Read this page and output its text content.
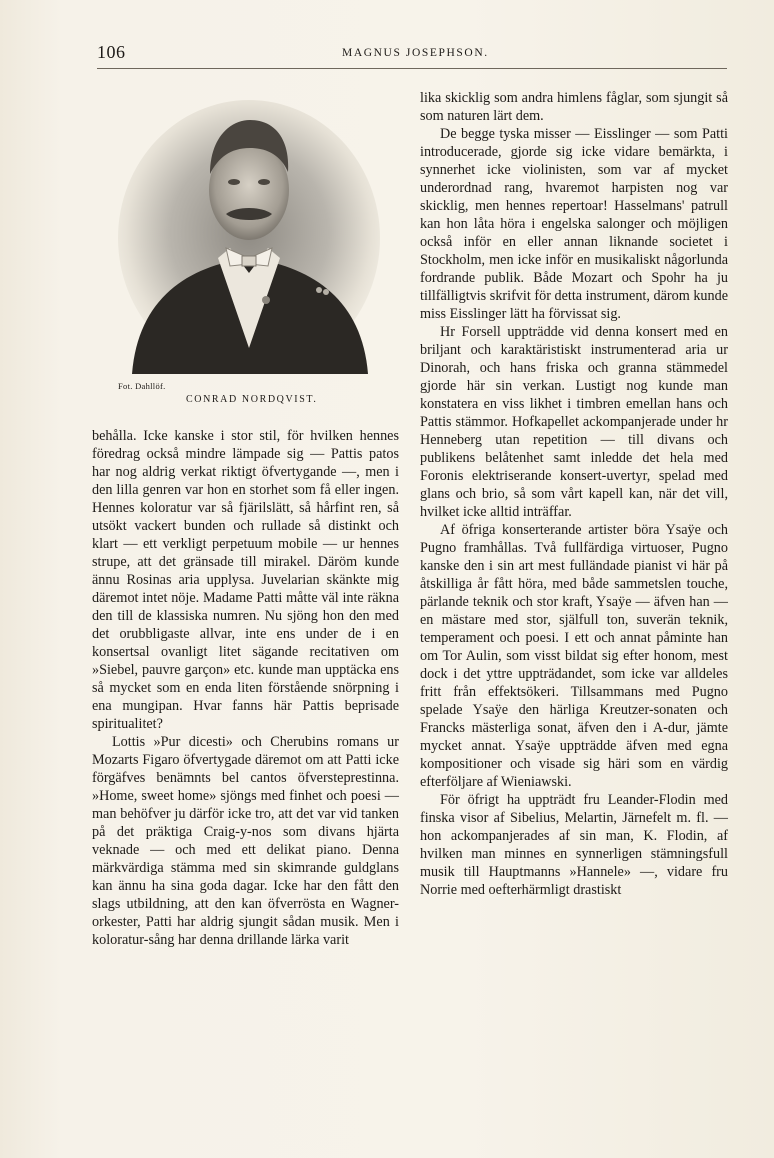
106	MAGNUS JOSEPHSON.
Fot. Dahllöf.
CONRAD NORDQVIST.

behålla. Icke kanske i stor stil, för hvilken hennes föredrag också mindre lämpade sig — Pattis patos har nog aldrig verkat riktigt öfvertygande —, men i den lilla genren var hon en storhet som få eller ingen. Hennes koloratur var så fjärilslätt, så hårfint ren, så utsökt vackert bunden och rullade så distinkt och klart — ett verkligt perpetuum mobile — ur hennes strupe, att det gränsade till mirakel. Däröm kunde ännu Rosinas aria upplysa. Juvelarian skänkte mig däremot intet nöje. Madame Patti måtte väl inte räkna den till de klassiska numren. Nu sjöng hon den med det orubbligaste allvar, inte ens under de i en konsertsal ovanligt litet sägande recitativen om »Siebel, pauvre garçon» etc. kunde man upptäcka ens så mycket som en enda liten förstående snörpning i ena mungipan. Hvar fanns här Pattis beprisade spiritualitet?

Lottis »Pur dicesti» och Cherubins romans ur Mozarts Figaro öfvertygade däremot om att Patti icke förgäfves benämnts bel cantos öfversteprestinna. »Home, sweet home» sjöngs med finhet och poesi — man behöfver ju därför icke tro, att det var vid tanken på det präktiga Craig-y-nos som divans hjärta veknade — och med ett delikat piano. Denna märkvärdiga stämma med sin skimrande guldglans kan ännu ha sina goda dagar. Icke har den fått den slags utbildning, att den kan öfverrösta en Wagner-orkester, Patti har aldrig sjungit sådan musik. Men i koloratur-sång har denna drillande lärka varit

lika skicklig som andra himlens fåglar, som sjungit så som naturen lärt dem.

De begge tyska misser — Eisslinger — som Patti introducerade, gjorde sig icke vidare bemärkta, i synnerhet icke violinisten, som var af mycket underordnad rang, hvaremot harpisten nog var skicklig, men hennes repertoar! Hasselmans' patrull kan hon låta höra i engelska salonger och möjligen också inför en eller annan liknande societet i Stockholm, men icke inför en musikaliskt någorlunda fordrande publik. Både Mozart och Spohr ha ju tillfälligtvis skrifvit för detta instrument, därom kunde miss Eisslinger lätt ha förvissat sig.

Hr Forsell uppträdde vid denna konsert med en briljant och karaktäristiskt instrumenterad aria ur Dinorah, och hans friska och granna stämmedel gjorde här sin verkan. Lustigt nog kunde man konstatera en viss likhet i timbren emellan hans och Pattis stämmor. Hofkapellet ackompanjerade under hr Henneberg utan repetition — till divans och publikens belåtenhet samt inledde det hela med Foronis elektriserande konsert-uvertyr, spelad med glans och brio, så som vårt kapell kan, när det vill, hvilket icke alltid inträffar.

Af öfriga konserterande artister böra Ysaÿe och Pugno framhållas. Två fullfärdiga virtuoser, Pugno kanske den i sin art mest fulländade pianist vi här på åtskilliga år fått höra, med både sammetslen touche, pärlande teknik och stor kraft, Ysaÿe — äfven han — en mästare med stor, själfull ton, suverän teknik, temperament och poesi. I ett och annat påminte han om Tor Aulin, som visst bildat sig efter honom, mest dock i det yttre uppträdandet, som icke var alldeles fritt från effektsökeri. Tillsammans med Pugno spelade Ysaÿe den härliga Kreutzer-sonaten och Francks mästerliga sonat, äfven den i A-dur, jämte mycket annat. Ysaÿe uppträdde äfven med egna kompositioner och visade sig häri som en värdig efterföljare af Wieniawski.

För öfrigt ha uppträdt fru Leander-Flodin med finska visor af Sibelius, Melartin, Järnefelt m. fl. — hon ackompanjerades af sin man, K. Flodin, af hvilken man minnes en synnerligen stämningsfull musik till Hauptmanns »Hannele» —, vidare fru Norrie med oefterhärmligt drastiskt
